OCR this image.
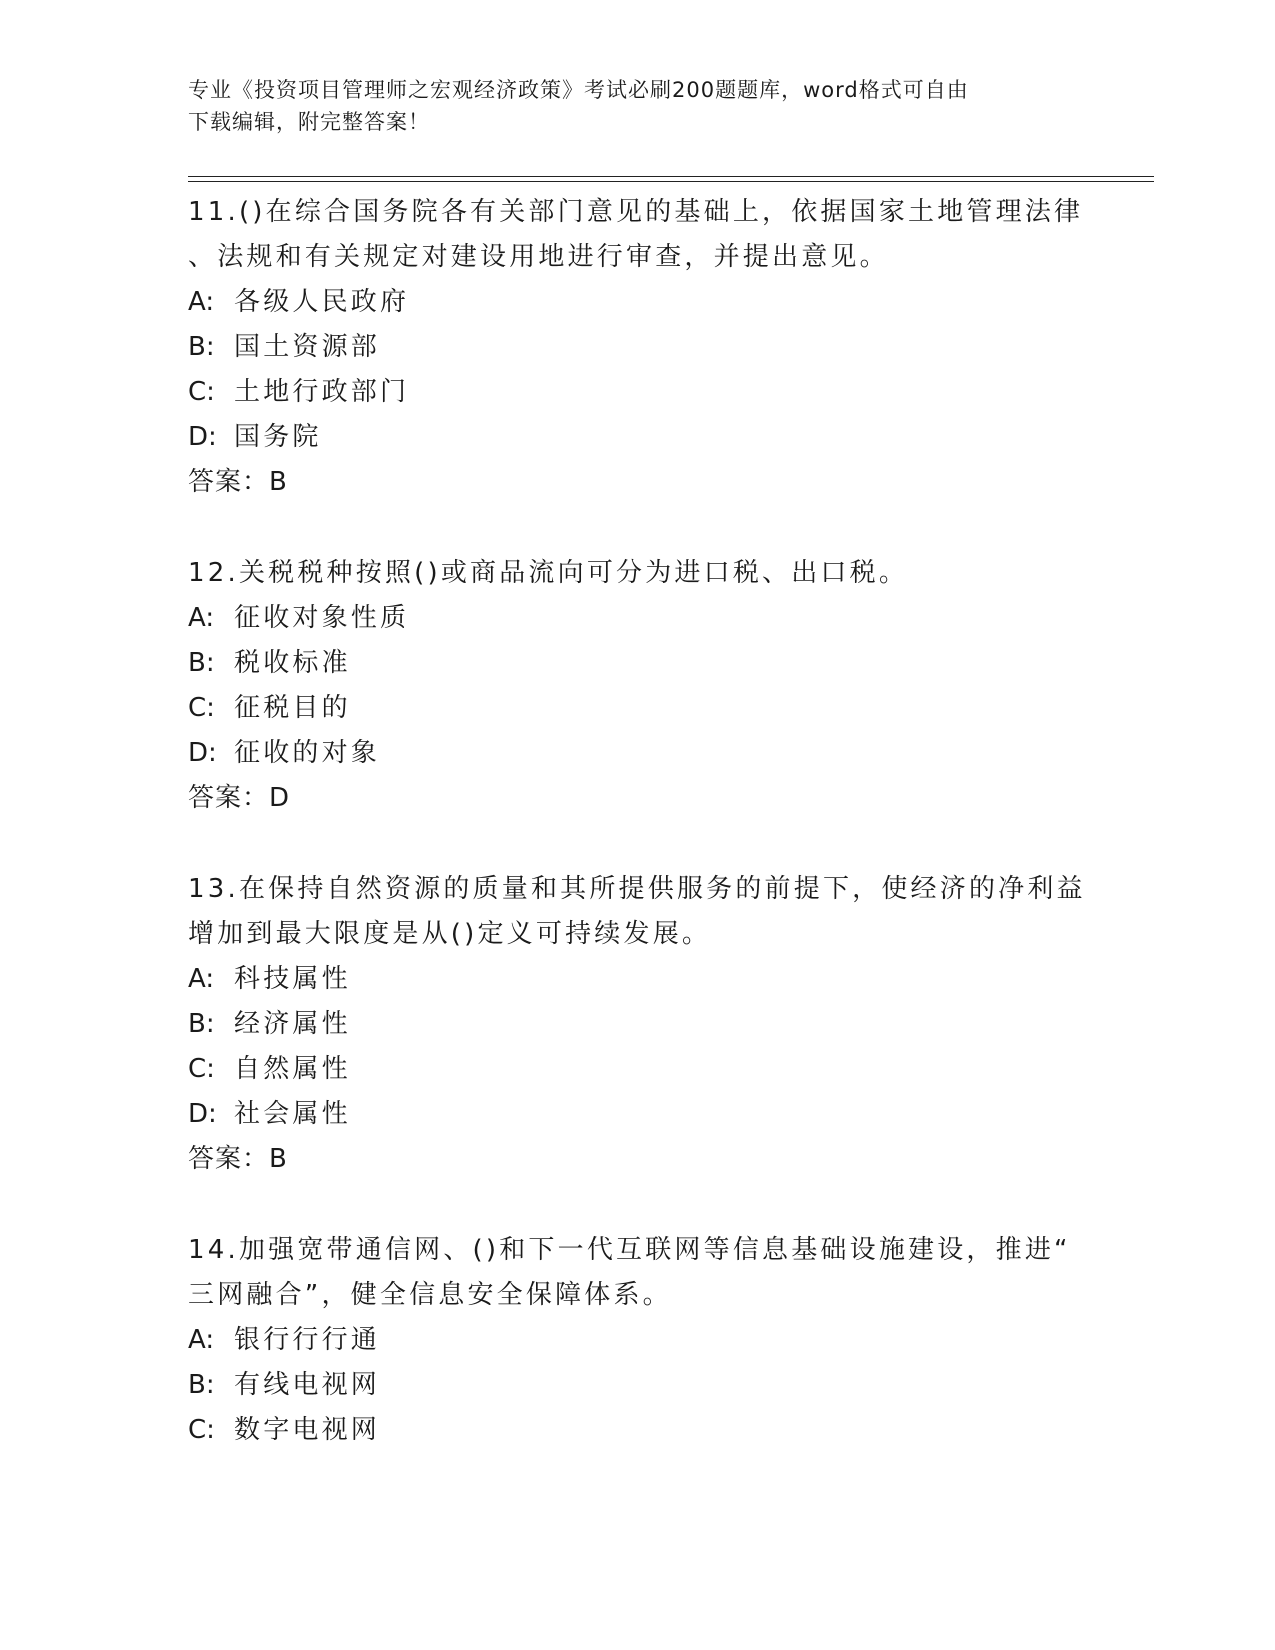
专业《投资项目管理师之宏观经济政策》考试必刷200题题库，word格式可自由
下载编辑，附完整答案！

11.()在综合国务院各有关部门意见的基础上，依据国家土地管理法律

、法规和有关规定对建设用地进行审查，并提出意见。

A: 各级人民政府

B: 国土资源部

C: 土地行政部门

D: 国务院

答案：B

12.关税税种按照()或商品流向可分为进口税、出口税。

A: 征收对象性质

B: 税收标准

C: 征税目的

D: 征收的对象

答案：D

13.在保持自然资源的质量和其所提供服务的前提下，使经济的净利益

增加到最大限度是从()定义可持续发展。

A: 科技属性

B: 经济属性

C: 自然属性

D: 社会属性

答案：B

14.加强宽带通信网、()和下一代互联网等信息基础设施建设，推进“

三网融合”，健全信息安全保障体系。

A: 银行行行通

B: 有线电视网

C: 数字电视网
